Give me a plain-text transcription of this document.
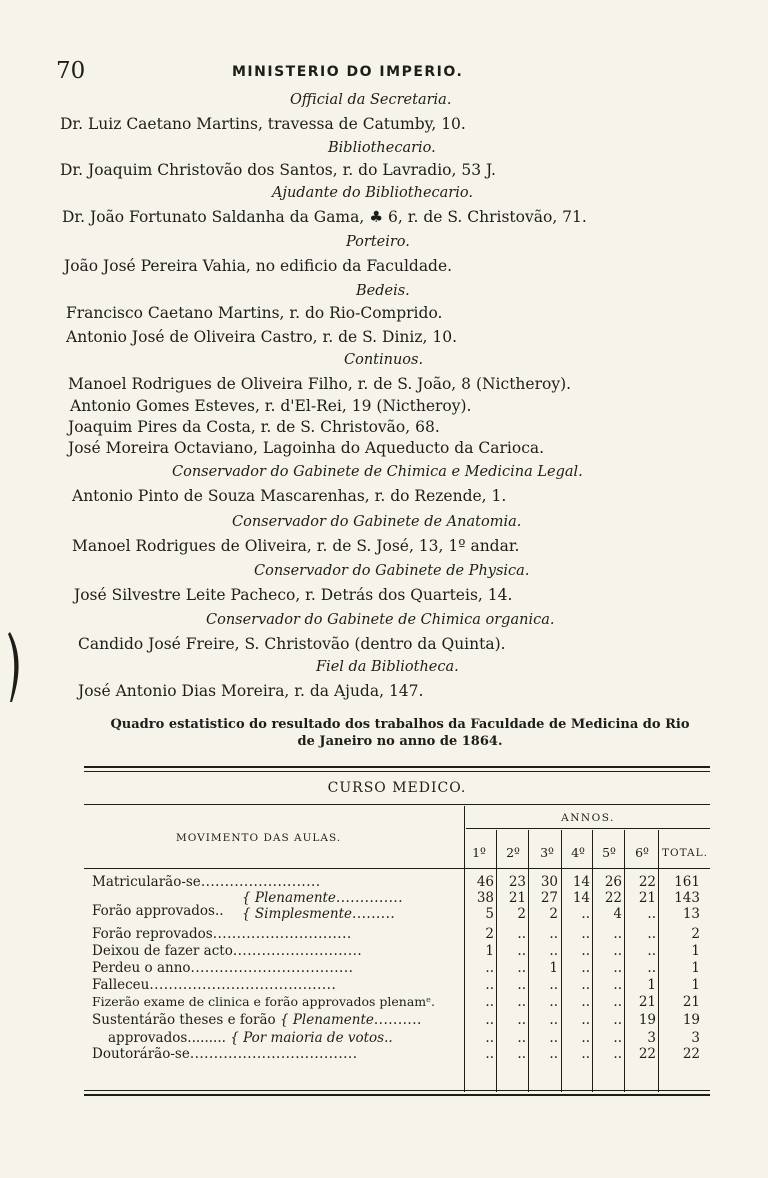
70	MINISTERIO DO IMPERIO.
Official da Secretaria.
Dr. Luiz Caetano Martins, travessa de Catumby, 10.
Bibliothecario.
Dr. Joaquim Christovão dos Santos, r. do Lavradio, 53 J.
Ajudante do Bibliothecario.
Dr. João Fortunato Saldanha da Gama, ♣ 6, r. de S. Christovão, 71.
Porteiro.
João José Pereira Vahia, no edificio da Faculdade.
Bedeis.
Francisco Caetano Martins, r. do Rio-Comprido.
Antonio José de Oliveira Castro, r. de S. Diniz, 10.
Continuos.
Manoel Rodrigues de Oliveira Filho, r. de S. João, 8 (Nictheroy).
Antonio Gomes Esteves, r. d'El-Rei, 19 (Nictheroy).
Joaquim Pires da Costa, r. de S. Christovão, 68.
José Moreira Octaviano, Lagoinha do Aqueducto da Carioca.
Conservador do Gabinete de Chimica e Medicina Legal.
Antonio Pinto de Souza Mascarenhas, r. do Rezende, 1.
Conservador do Gabinete de Anatomia.
Manoel Rodrigues de Oliveira, r. de S. José, 13, 1º andar.
Conservador do Gabinete de Physica.
José Silvestre Leite Pacheco, r. Detrás dos Quarteis, 14.
Conservador do Gabinete de Chimica organica.
Candido José Freire, S. Christovão (dentro da Quinta).
Fiel da Bibliotheca.
José Antonio Dias Moreira, r. da Ajuda, 147.
Quadro estatistico do resultado dos trabalhos da Faculdade de Medicina do Rio
de Janeiro no anno de 1864.
CURSO MEDICO.
MOVIMENTO DAS AULAS.
ANNOS.
1º	2º	3º	4º	5º	6º	TOTAL.
Matricularão-se.........................	46	23	30	14	26	22	161
{ Plenamente..............	38	21	27	14	22	21	143
Forão approvados.. { Simplesmente.........	5	2	2	..	4	..	13
Forão reprovados.............................	2	..	..	..	..	..	2
Deixou de fazer acto...........................	1	..	..	..	..	..	1
Perdeu o anno..................................	..	..	1	..	..	..	1
Falleceu.......................................	..	..	..	..	..	1	1
Fizerão exame de clinica e forão approvados plenamᵉ.	..	..	..	..	..	21	21
Sustentárão theses e forão { Plenamente..........	..	..	..	..	..	19	19
approvados......... { Por maioria de votos..	..	..	..	..	..	3	3
Doutorárão-se...................................	..	..	..	..	..	22	22
